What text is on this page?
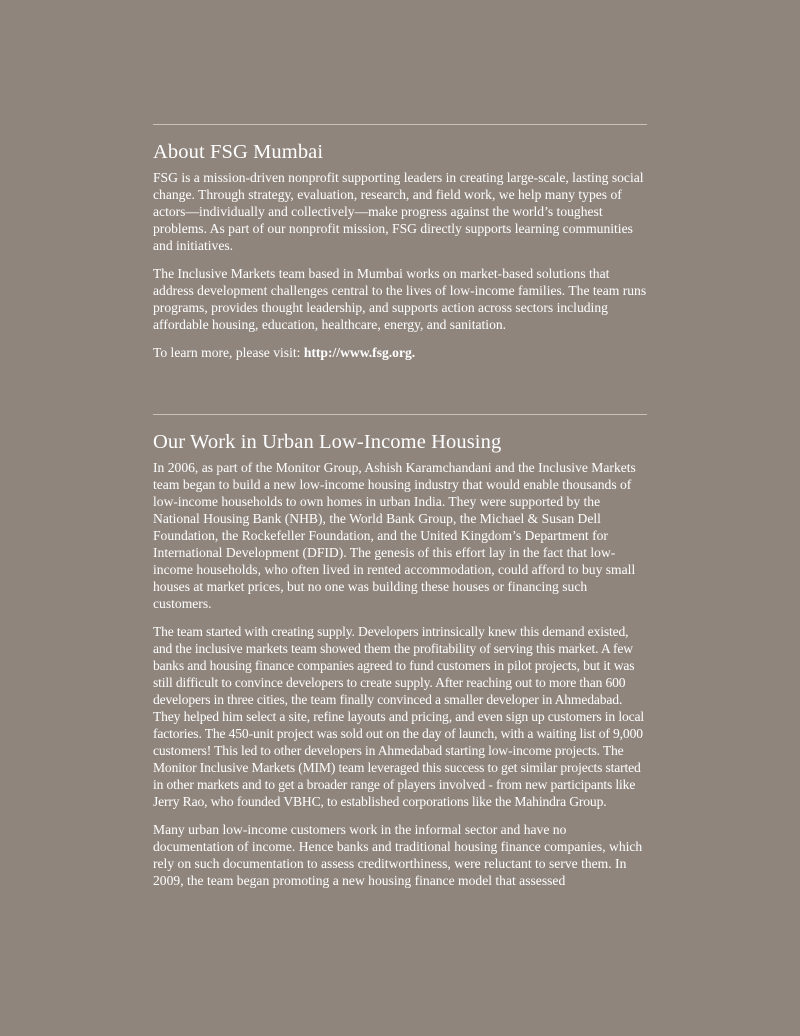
About FSG Mumbai

FSG is a mission-driven nonprofit supporting leaders in creating large-scale, lasting social change. Through strategy, evaluation, research, and field work, we help many types of actors—individually and collectively—make progress against the world’s toughest problems. As part of our nonprofit mission, FSG directly supports learning communities and initiatives.

The Inclusive Markets team based in Mumbai works on market-based solutions that address development challenges central to the lives of low-income families. The team runs programs, provides thought leadership, and supports action across sectors including affordable housing, education, healthcare, energy, and sanitation.

To learn more, please visit: http://www.fsg.org.

Our Work in Urban Low-Income Housing

In 2006, as part of the Monitor Group, Ashish Karamchandani and the Inclusive Markets team began to build a new low-income housing industry that would enable thousands of low-income households to own homes in urban India. They were supported by the National Housing Bank (NHB), the World Bank Group, the Michael & Susan Dell Foundation, the Rockefeller Foundation, and the United Kingdom’s Department for International Development (DFID). The genesis of this effort lay in the fact that low-income households, who often lived in rented accommodation, could afford to buy small houses at market prices, but no one was building these houses or financing such customers.

The team started with creating supply. Developers intrinsically knew this demand existed, and the inclusive markets team showed them the profitability of serving this market. A few banks and housing finance companies agreed to fund customers in pilot projects, but it was still difficult to convince developers to create supply. After reaching out to more than 600 developers in three cities, the team finally convinced a smaller developer in Ahmedabad. They helped him select a site, refine layouts and pricing, and even sign up customers in local factories. The 450-unit project was sold out on the day of launch, with a waiting list of 9,000 customers! This led to other developers in Ahmedabad starting low-income projects. The Monitor Inclusive Markets (MIM) team leveraged this success to get similar projects started in other markets and to get a broader range of players involved - from new participants like Jerry Rao, who founded VBHC, to established corporations like the Mahindra Group.

Many urban low-income customers work in the informal sector and have no documentation of income. Hence banks and traditional housing finance companies, which rely on such documentation to assess creditworthiness, were reluctant to serve them. In 2009, the team began promoting a new housing finance model that assessed
